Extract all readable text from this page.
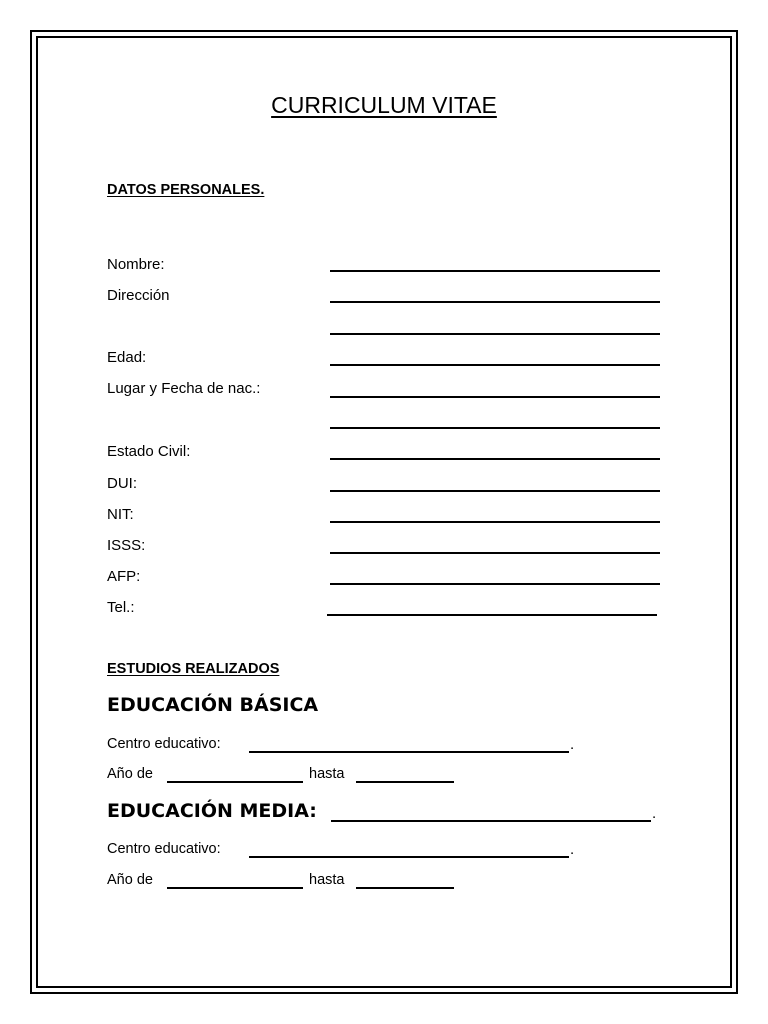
CURRICULUM VITAE
DATOS PERSONALES.
Nombre:
Dirección
Edad:
Lugar y Fecha de nac.:
Estado Civil:
DUI:
NIT:
ISSS:
AFP:
Tel.:
ESTUDIOS REALIZADOS
EDUCACIÓN BÁSICA
Centro educativo:	.
Año de	hasta
EDUCACIÓN MEDIA:	.
Centro educativo:	.
Año de	hasta
